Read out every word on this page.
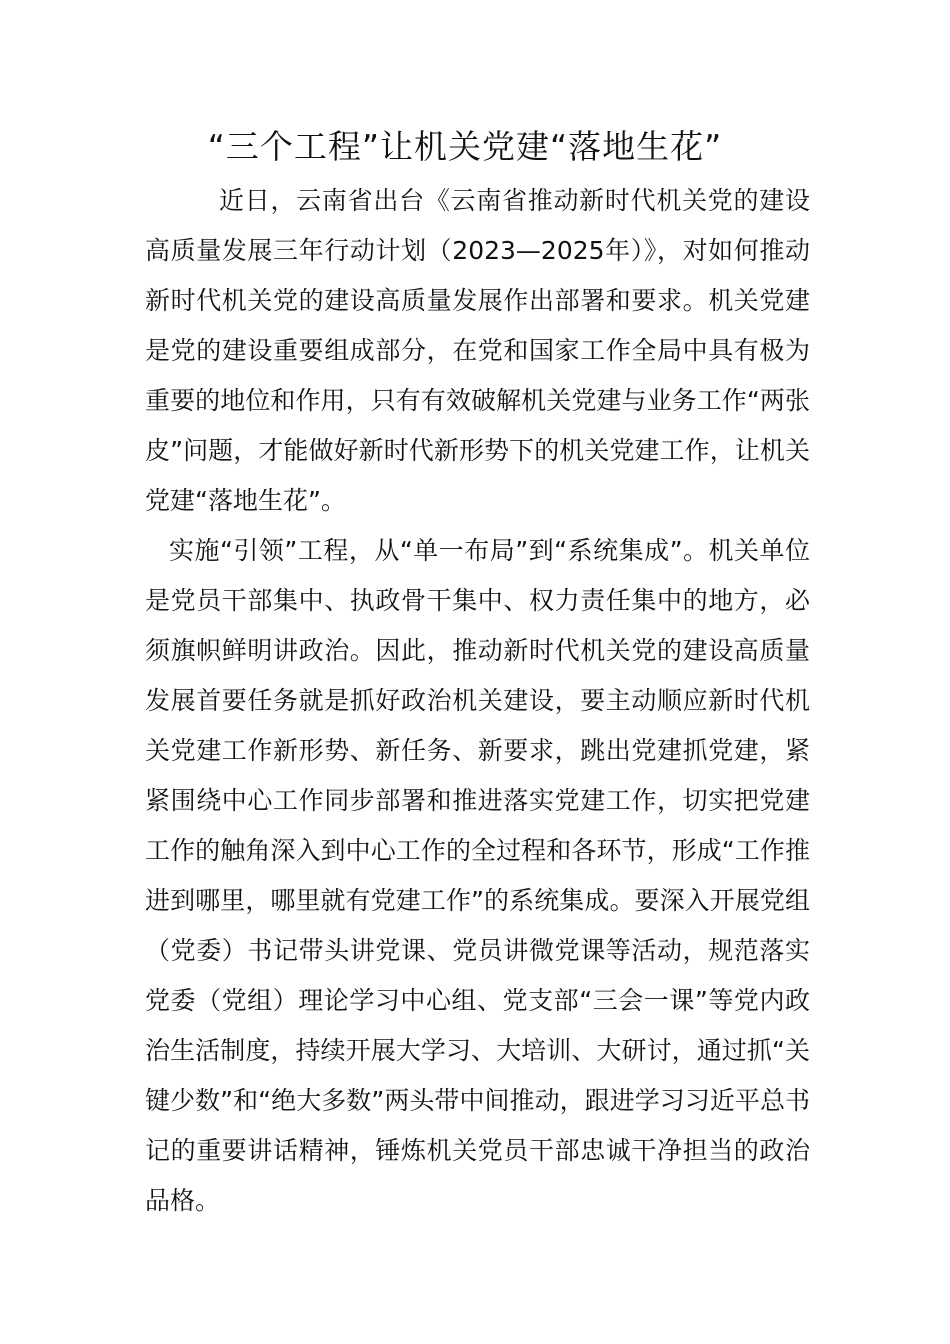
“三个工程”让机关党建“落地生花”

近日，云南省出台《云南省推动新时代机关党的建设高质量发展三年行动计划（2023—2025年）》，对如何推动新时代机关党的建设高质量发展作出部署和要求。机关党建是党的建设重要组成部分，在党和国家工作全局中具有极为重要的地位和作用，只有有效破解机关党建与业务工作“两张皮”问题，才能做好新时代新形势下的机关党建工作，让机关党建“落地生花”。

实施“引领”工程，从“单一布局”到“系统集成”。机关单位是党员干部集中、执政骨干集中、权力责任集中的地方，必须旗帜鲜明讲政治。因此，推动新时代机关党的建设高质量发展首要任务就是抓好政治机关建设，要主动顺应新时代机关党建工作新形势、新任务、新要求，跳出党建抓党建，紧紧围绕中心工作同步部署和推进落实党建工作，切实把党建工作的触角深入到中心工作的全过程和各环节，形成“工作推进到哪里，哪里就有党建工作”的系统集成。要深入开展党组（党委）书记带头讲党课、党员讲微党课等活动，规范落实党委（党组）理论学习中心组、党支部“三会一课”等党内政治生活制度，持续开展大学习、大培训、大研讨，通过抓“关键少数”和“绝大多数”两头带中间推动，跟进学习习近平总书记的重要讲话精神，锤炼机关党员干部忠诚干净担当的政治品格。
